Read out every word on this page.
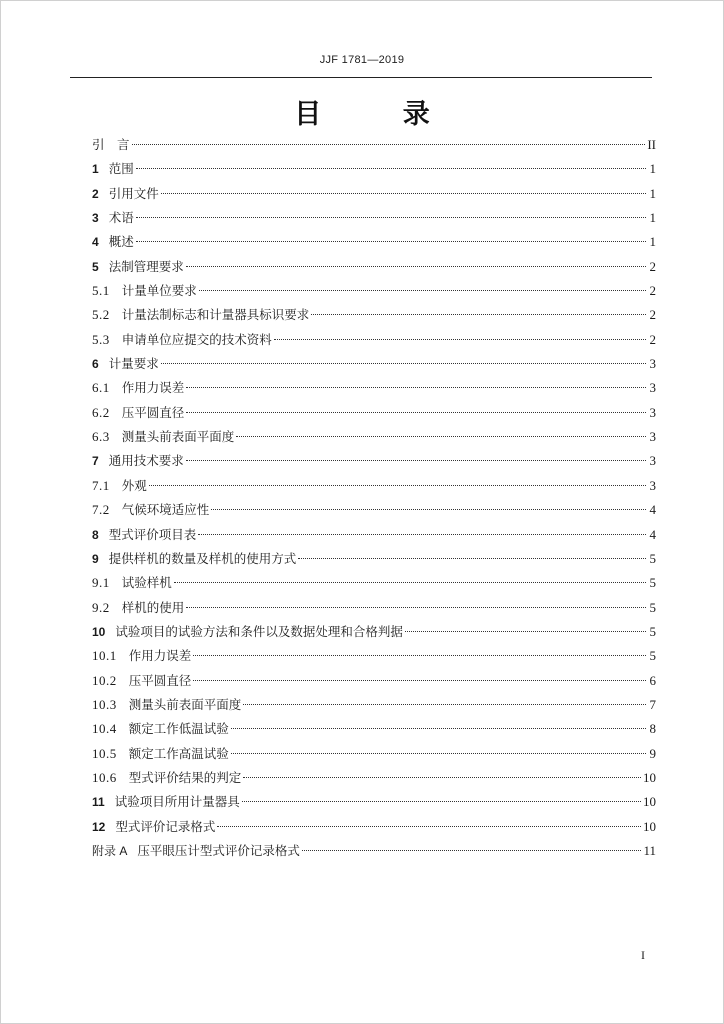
JJF 1781—2019
目 录
引　言	II
1 范围	1
2 引用文件	1
3 术语	1
4 概述	1
5 法制管理要求	2
5.1 计量单位要求	2
5.2 计量法制标志和计量器具标识要求	2
5.3 申请单位应提交的技术资料	2
6 计量要求	3
6.1 作用力误差	3
6.2 压平圆直径	3
6.3 测量头前表面平面度	3
7 通用技术要求	3
7.1 外观	3
7.2 气候环境适应性	4
8 型式评价项目表	4
9 提供样机的数量及样机的使用方式	5
9.1 试验样机	5
9.2 样机的使用	5
10 试验项目的试验方法和条件以及数据处理和合格判据	5
10.1 作用力误差	5
10.2 压平圆直径	6
10.3 测量头前表面平面度	7
10.4 额定工作低温试验	8
10.5 额定工作高温试验	9
10.6 型式评价结果的判定	10
11 试验项目所用计量器具	10
12 型式评价记录格式	10
附录 A 压平眼压计型式评价记录格式	11
I
